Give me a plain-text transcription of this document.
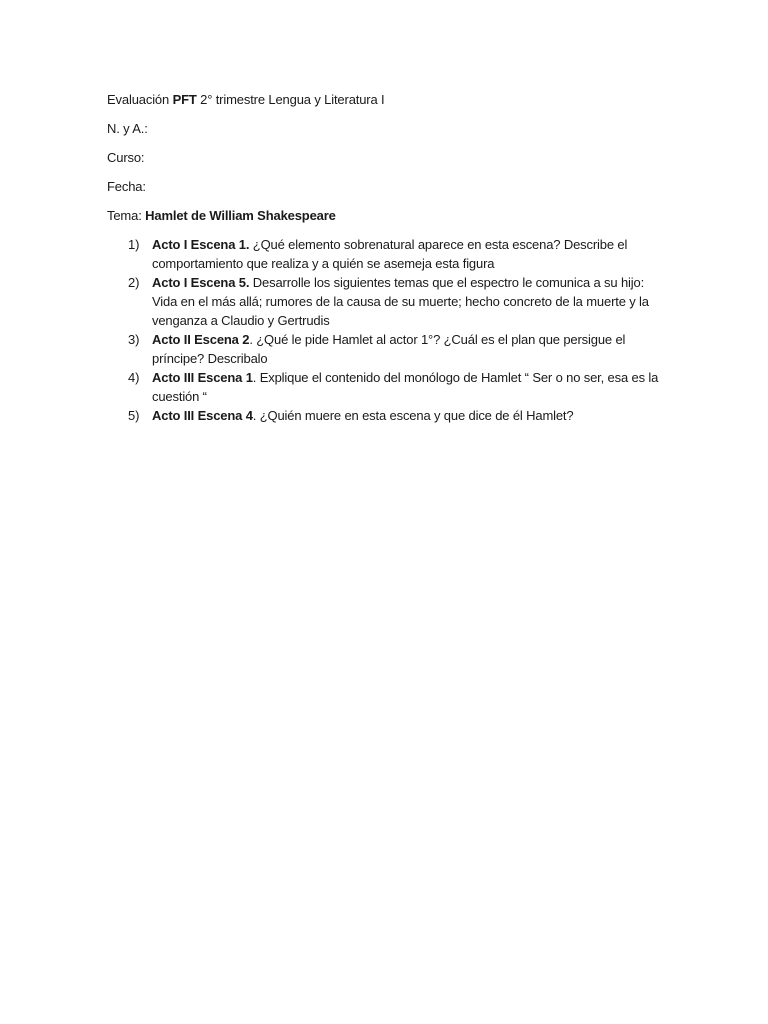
Evaluación PFT 2° trimestre Lengua y Literatura I

N. y A.:

Curso:

Fecha:

Tema: Hamlet de William Shakespeare

1) Acto I Escena 1. ¿Qué elemento sobrenatural aparece en esta escena? Describe el comportamiento que realiza y a quién se asemeja esta figura
2) Acto I Escena 5. Desarrolle los siguientes temas que el espectro le comunica a su hijo: Vida en el más allá; rumores de la causa de su muerte; hecho concreto de la muerte y la venganza a Claudio y Gertrudis
3) Acto II Escena 2. ¿Qué le pide Hamlet al actor 1°? ¿Cuál es el plan que persigue el príncipe? Describalo
4) Acto III Escena 1. Explique el contenido del monólogo de Hamlet “ Ser o no ser, esa es la cuestión “
5) Acto III Escena 4. ¿Quién muere en esta escena y que dice de él Hamlet?
